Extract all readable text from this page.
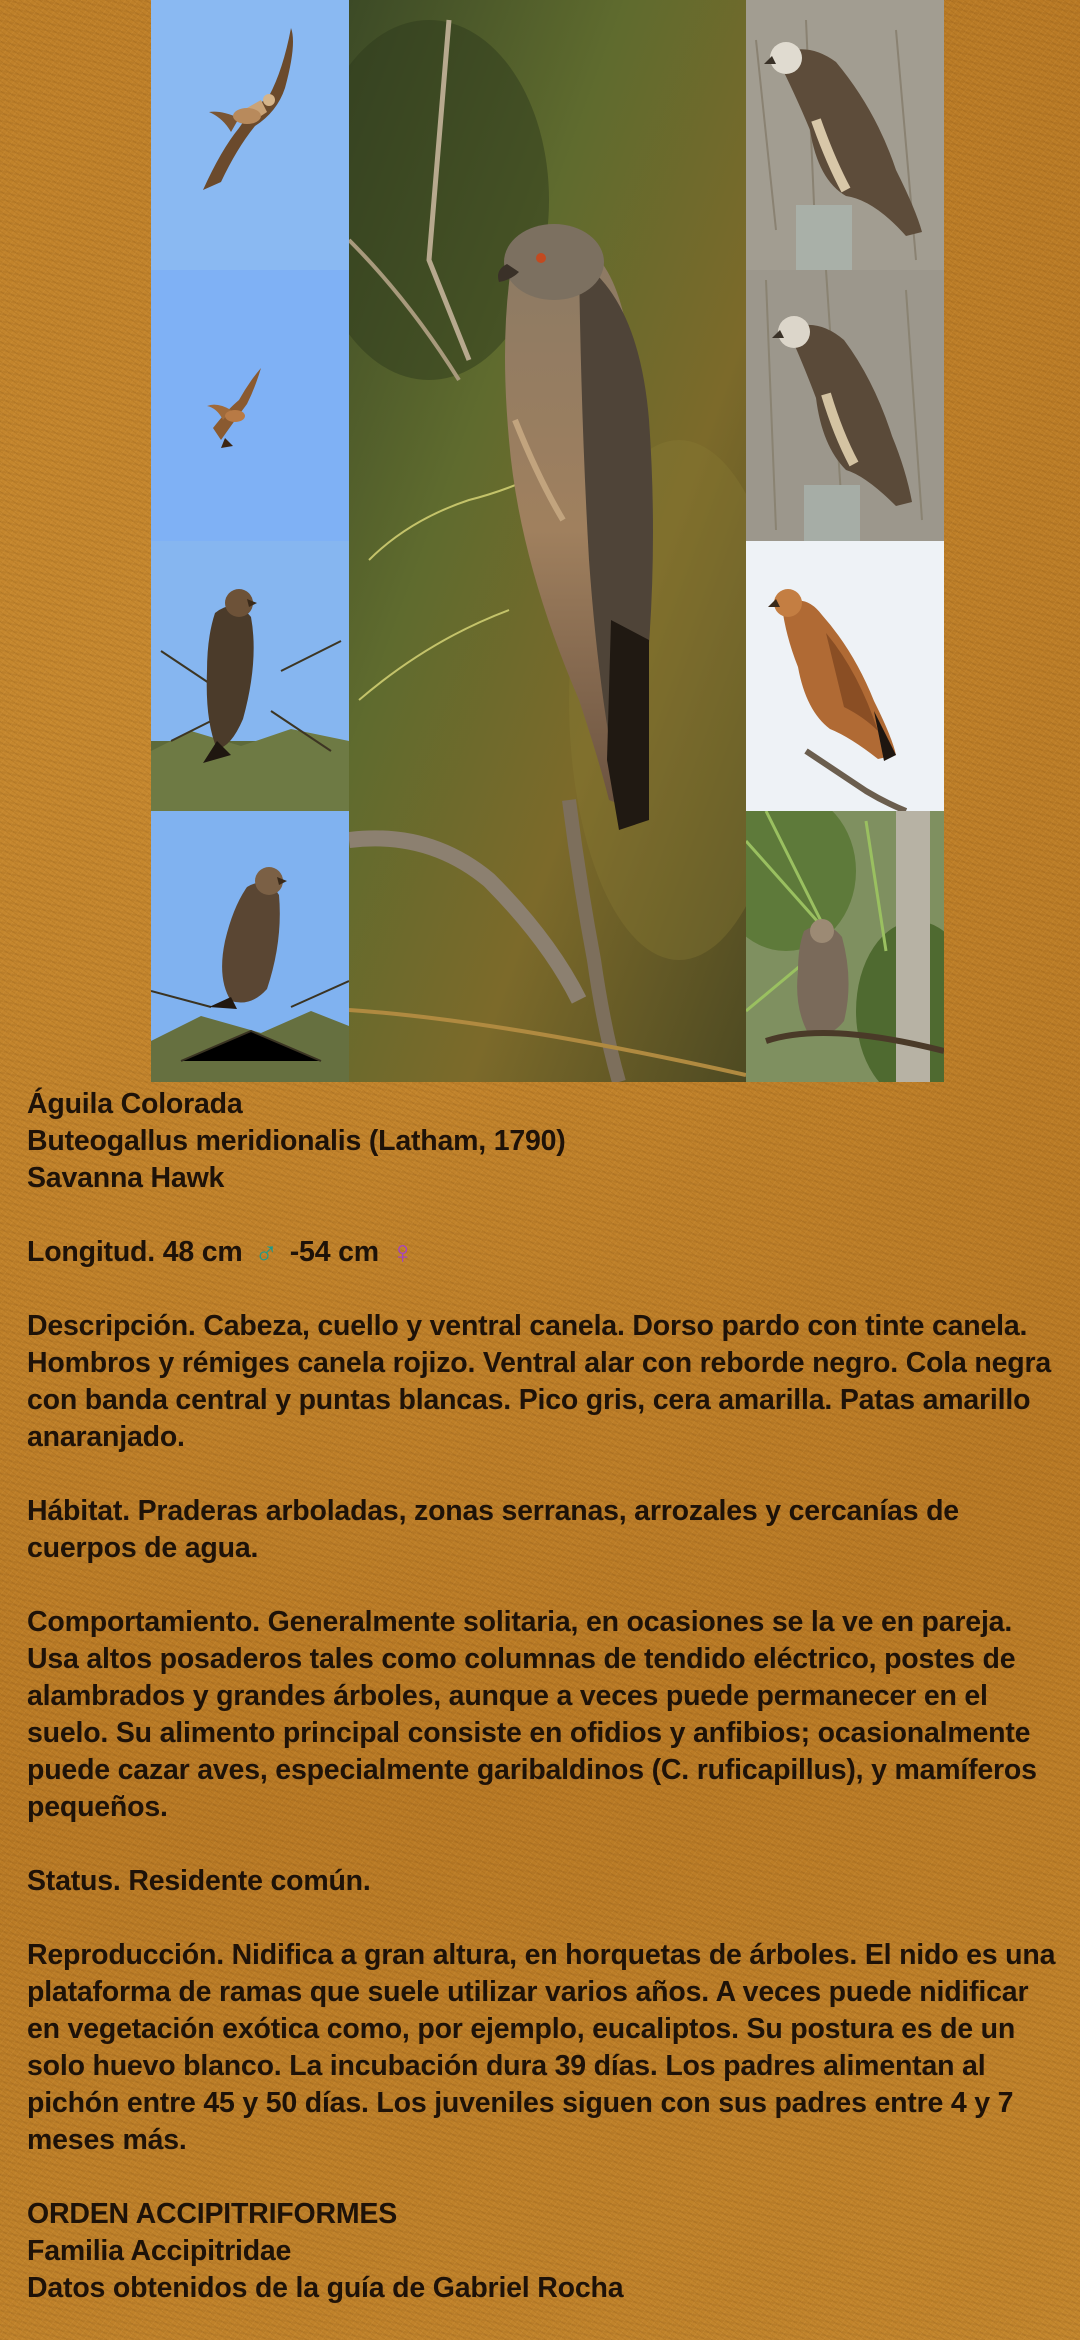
Águila Colorada

Buteogallus meridionalis (Latham, 1790)

Savanna Hawk

Longitud. 48 cm ♂ -54 cm ♀

Descripción. Cabeza, cuello y ventral canela. Dorso pardo con tinte canela. Hombros y rémiges canela rojizo. Ventral alar con reborde negro. Cola negra con banda central y puntas blancas. Pico gris, cera amarilla. Patas amarillo anaranjado.

Hábitat. Praderas arboladas, zonas serranas, arrozales y cercanías de cuerpos de agua.

Comportamiento. Generalmente solitaria, en ocasiones se la ve en pareja. Usa altos posaderos tales como columnas de tendido eléctrico, postes de alambrados y grandes árboles, aunque a veces puede permanecer en el suelo. Su alimento principal consiste en ofidios y anfibios; ocasionalmente puede cazar aves, especialmente garibaldinos (C. ruficapillus), y mamíferos pequeños.

Status. Residente común.

Reproducción. Nidifica a gran altura, en horquetas de árboles. El nido es una plataforma de ramas que suele utilizar varios años. A veces puede nidificar en vegetación exótica como, por ejemplo, eucaliptos. Su postura es de un solo huevo blanco. La incubación dura 39 días. Los padres alimentan al pichón entre 45 y 50 días. Los juveniles siguen con sus padres entre 4 y 7 meses más.

ORDEN ACCIPITRIFORMES

Familia Accipitridae

Datos obtenidos de la guía de Gabriel Rocha
